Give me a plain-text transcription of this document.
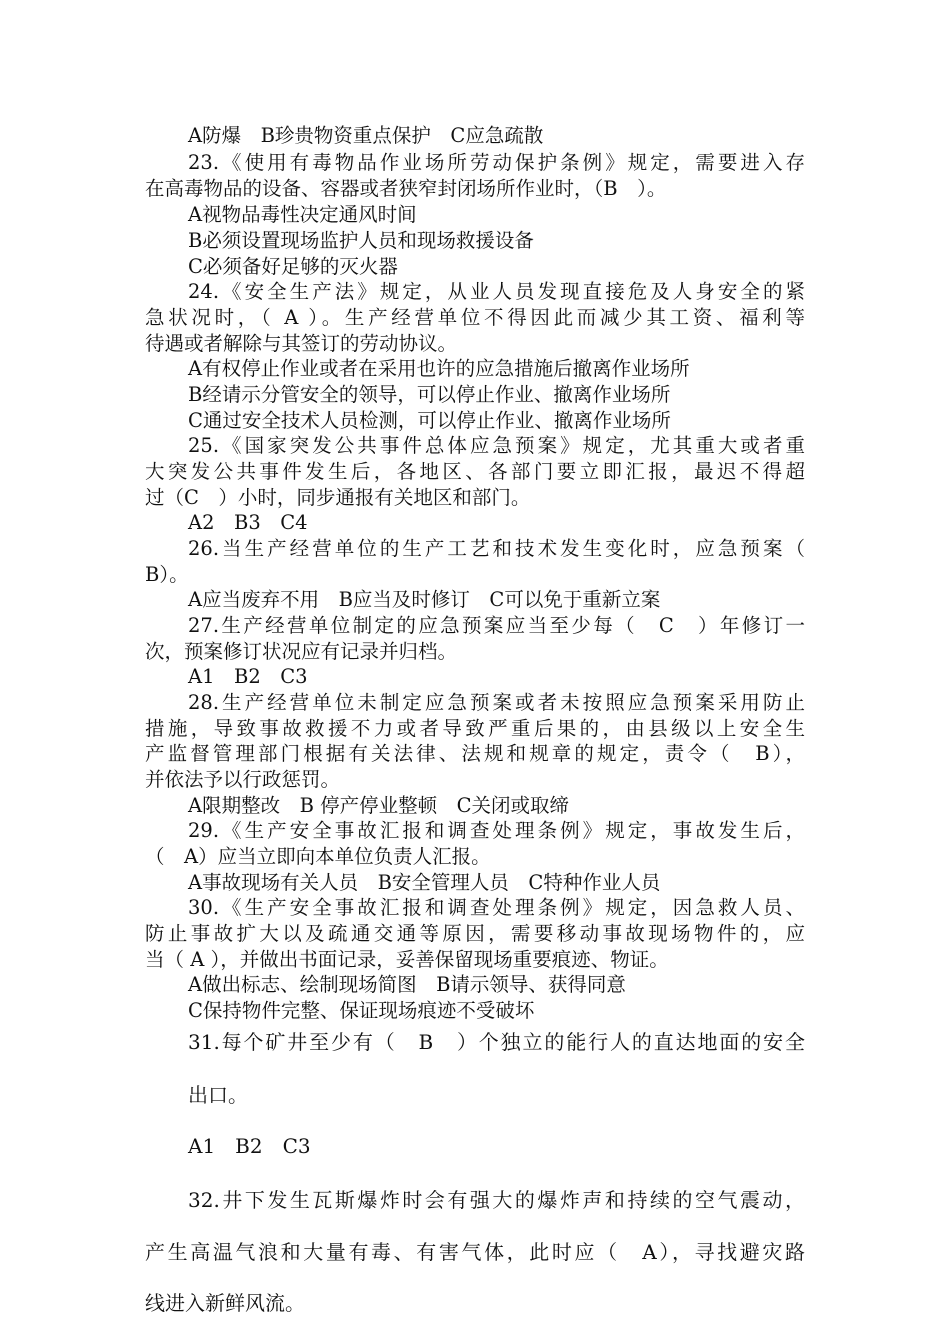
A防爆　B珍贵物资重点保护　C应急疏散
23.《使用有毒物品作业场所劳动保护条例》规定，需要进入存
在高毒物品的设备、容器或者狭窄封闭场所作业时，（B　）。
A视物品毒性决定通风时间
B必须设置现场监护人员和现场救援设备
C必须备好足够的灭火器
24.《安全生产法》规定，从业人员发现直接危及人身安全的紧
急状况时，（ A ）。生产经营单位不得因此而减少其工资、福利等
待遇或者解除与其签订的劳动协议。
A有权停止作业或者在采用也许的应急措施后撤离作业场所
B经请示分管安全的领导，可以停止作业、撤离作业场所
C通过安全技术人员检测，可以停止作业、撤离作业场所
25.《国家突发公共事件总体应急预案》规定，尤其重大或者重
大突发公共事件发生后，各地区、各部门要立即汇报，最迟不得超
过（C　）小时，同步通报有关地区和部门。
A2　B3　C4
26.当生产经营单位的生产工艺和技术发生变化时，应急预案（
B）。
A应当废弃不用　B应当及时修订　C可以免于重新立案
27.生产经营单位制定的应急预案应当至少每（　C　）年修订一
次，预案修订状况应有记录并归档。
A1　B2　C3
28.生产经营单位未制定应急预案或者未按照应急预案采用防止
措施，导致事故救援不力或者导致严重后果的，由县级以上安全生
产监督管理部门根据有关法律、法规和规章的规定，责令（　B），
并依法予以行政惩罚。
A限期整改　B 停产停业整顿　C关闭或取缔
29.《生产安全事故汇报和调查处理条例》规定，事故发生后，
（　A）应当立即向本单位负责人汇报。
A事故现场有关人员　B安全管理人员　C特种作业人员
30.《生产安全事故汇报和调查处理条例》规定，因急救人员、
防止事故扩大以及疏通交通等原因，需要移动事故现场物件的，应
当（ A ），并做出书面记录，妥善保留现场重要痕迹、物证。
A做出标志、绘制现场简图　B请示领导、获得同意
C保持物件完整、保证现场痕迹不受破坏
31.每个矿井至少有（　B　）个独立的能行人的直达地面的安全
出口。
A1　B2　C3
32.井下发生瓦斯爆炸时会有强大的爆炸声和持续的空气震动，
产生高温气浪和大量有毒、有害气体，此时应（　A），寻找避灾路
线进入新鲜风流。
